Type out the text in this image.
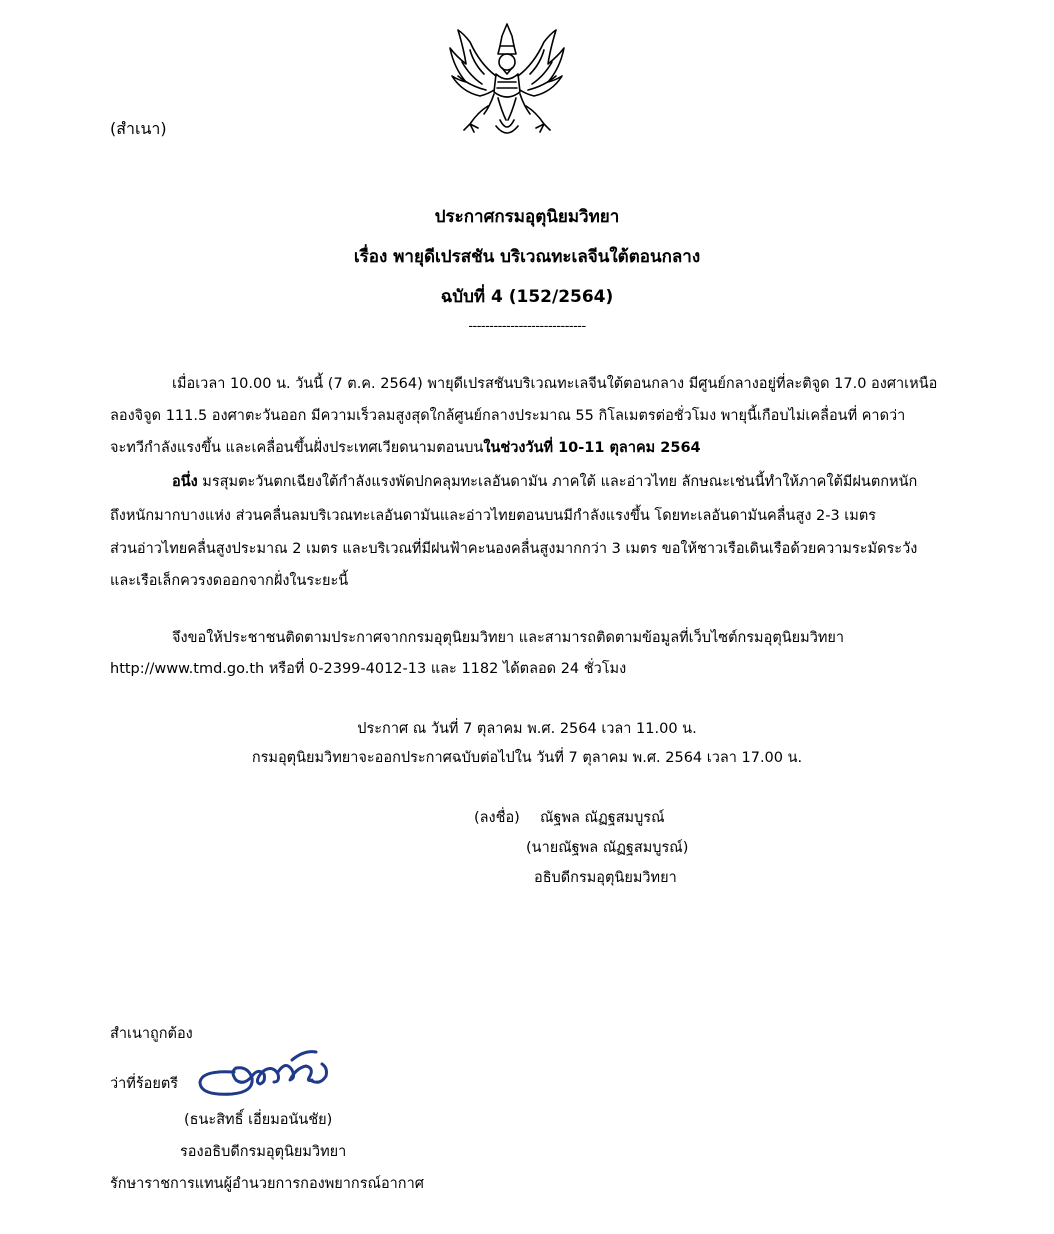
(สำเนา)
ประกาศกรมอุตุนิยมวิทยา
เรื่อง พายุดีเปรสชัน บริเวณทะเลจีนใต้ตอนกลาง
ฉบับที่ 4 (152/2564)
----------------------------
เมื่อเวลา 10.00 น. วันนี้ (7 ต.ค. 2564) พายุดีเปรสชันบริเวณทะเลจีนใต้ตอนกลาง มีศูนย์กลางอยู่ที่ละติจูด 17.0 องศาเหนือ
ลองจิจูด 111.5 องศาตะวันออก มีความเร็วลมสูงสุดใกล้ศูนย์กลางประมาณ 55 กิโลเมตรต่อชั่วโมง พายุนี้เกือบไม่เคลื่อนที่ คาดว่า
จะทวีกำลังแรงขึ้น และเคลื่อนขึ้นฝั่งประเทศเวียดนามตอนบนในช่วงวันที่ 10-11 ตุลาคม 2564
อนึ่ง มรสุมตะวันตกเฉียงใต้กำลังแรงพัดปกคลุมทะเลอันดามัน ภาคใต้ และอ่าวไทย ลักษณะเช่นนี้ทำให้ภาคใต้มีฝนตกหนัก
ถึงหนักมากบางแห่ง ส่วนคลื่นลมบริเวณทะเลอันดามันและอ่าวไทยตอนบนมีกำลังแรงขึ้น โดยทะเลอันดามันคลื่นสูง 2-3 เมตร
ส่วนอ่าวไทยคลื่นสูงประมาณ 2 เมตร และบริเวณที่มีฝนฟ้าคะนองคลื่นสูงมากกว่า 3 เมตร ขอให้ชาวเรือเดินเรือด้วยความระมัดระวัง
และเรือเล็กควรงดออกจากฝั่งในระยะนี้
จึงขอให้ประชาชนติดตามประกาศจากกรมอุตุนิยมวิทยา และสามารถติดตามข้อมูลที่เว็บไซต์กรมอุตุนิยมวิทยา
http://www.tmd.go.th หรือที่ 0-2399-4012-13 และ 1182 ได้ตลอด 24 ชั่วโมง
ประกาศ ณ วันที่ 7 ตุลาคม พ.ศ. 2564 เวลา 11.00 น.
กรมอุตุนิยมวิทยาจะออกประกาศฉบับต่อไปใน วันที่ 7 ตุลาคม พ.ศ. 2564 เวลา 17.00 น.
(ลงชื่อ) ณัฐพล ณัฏฐสมบูรณ์
(นายณัฐพล ณัฏฐสมบูรณ์)
อธิบดีกรมอุตุนิยมวิทยา
สำเนาถูกต้อง
ว่าที่ร้อยตรี
(ธนะสิทธิ์ เอี่ยมอนันชัย)
รองอธิบดีกรมอุตุนิยมวิทยา
รักษาราชการแทนผู้อำนวยการกองพยากรณ์อากาศ
